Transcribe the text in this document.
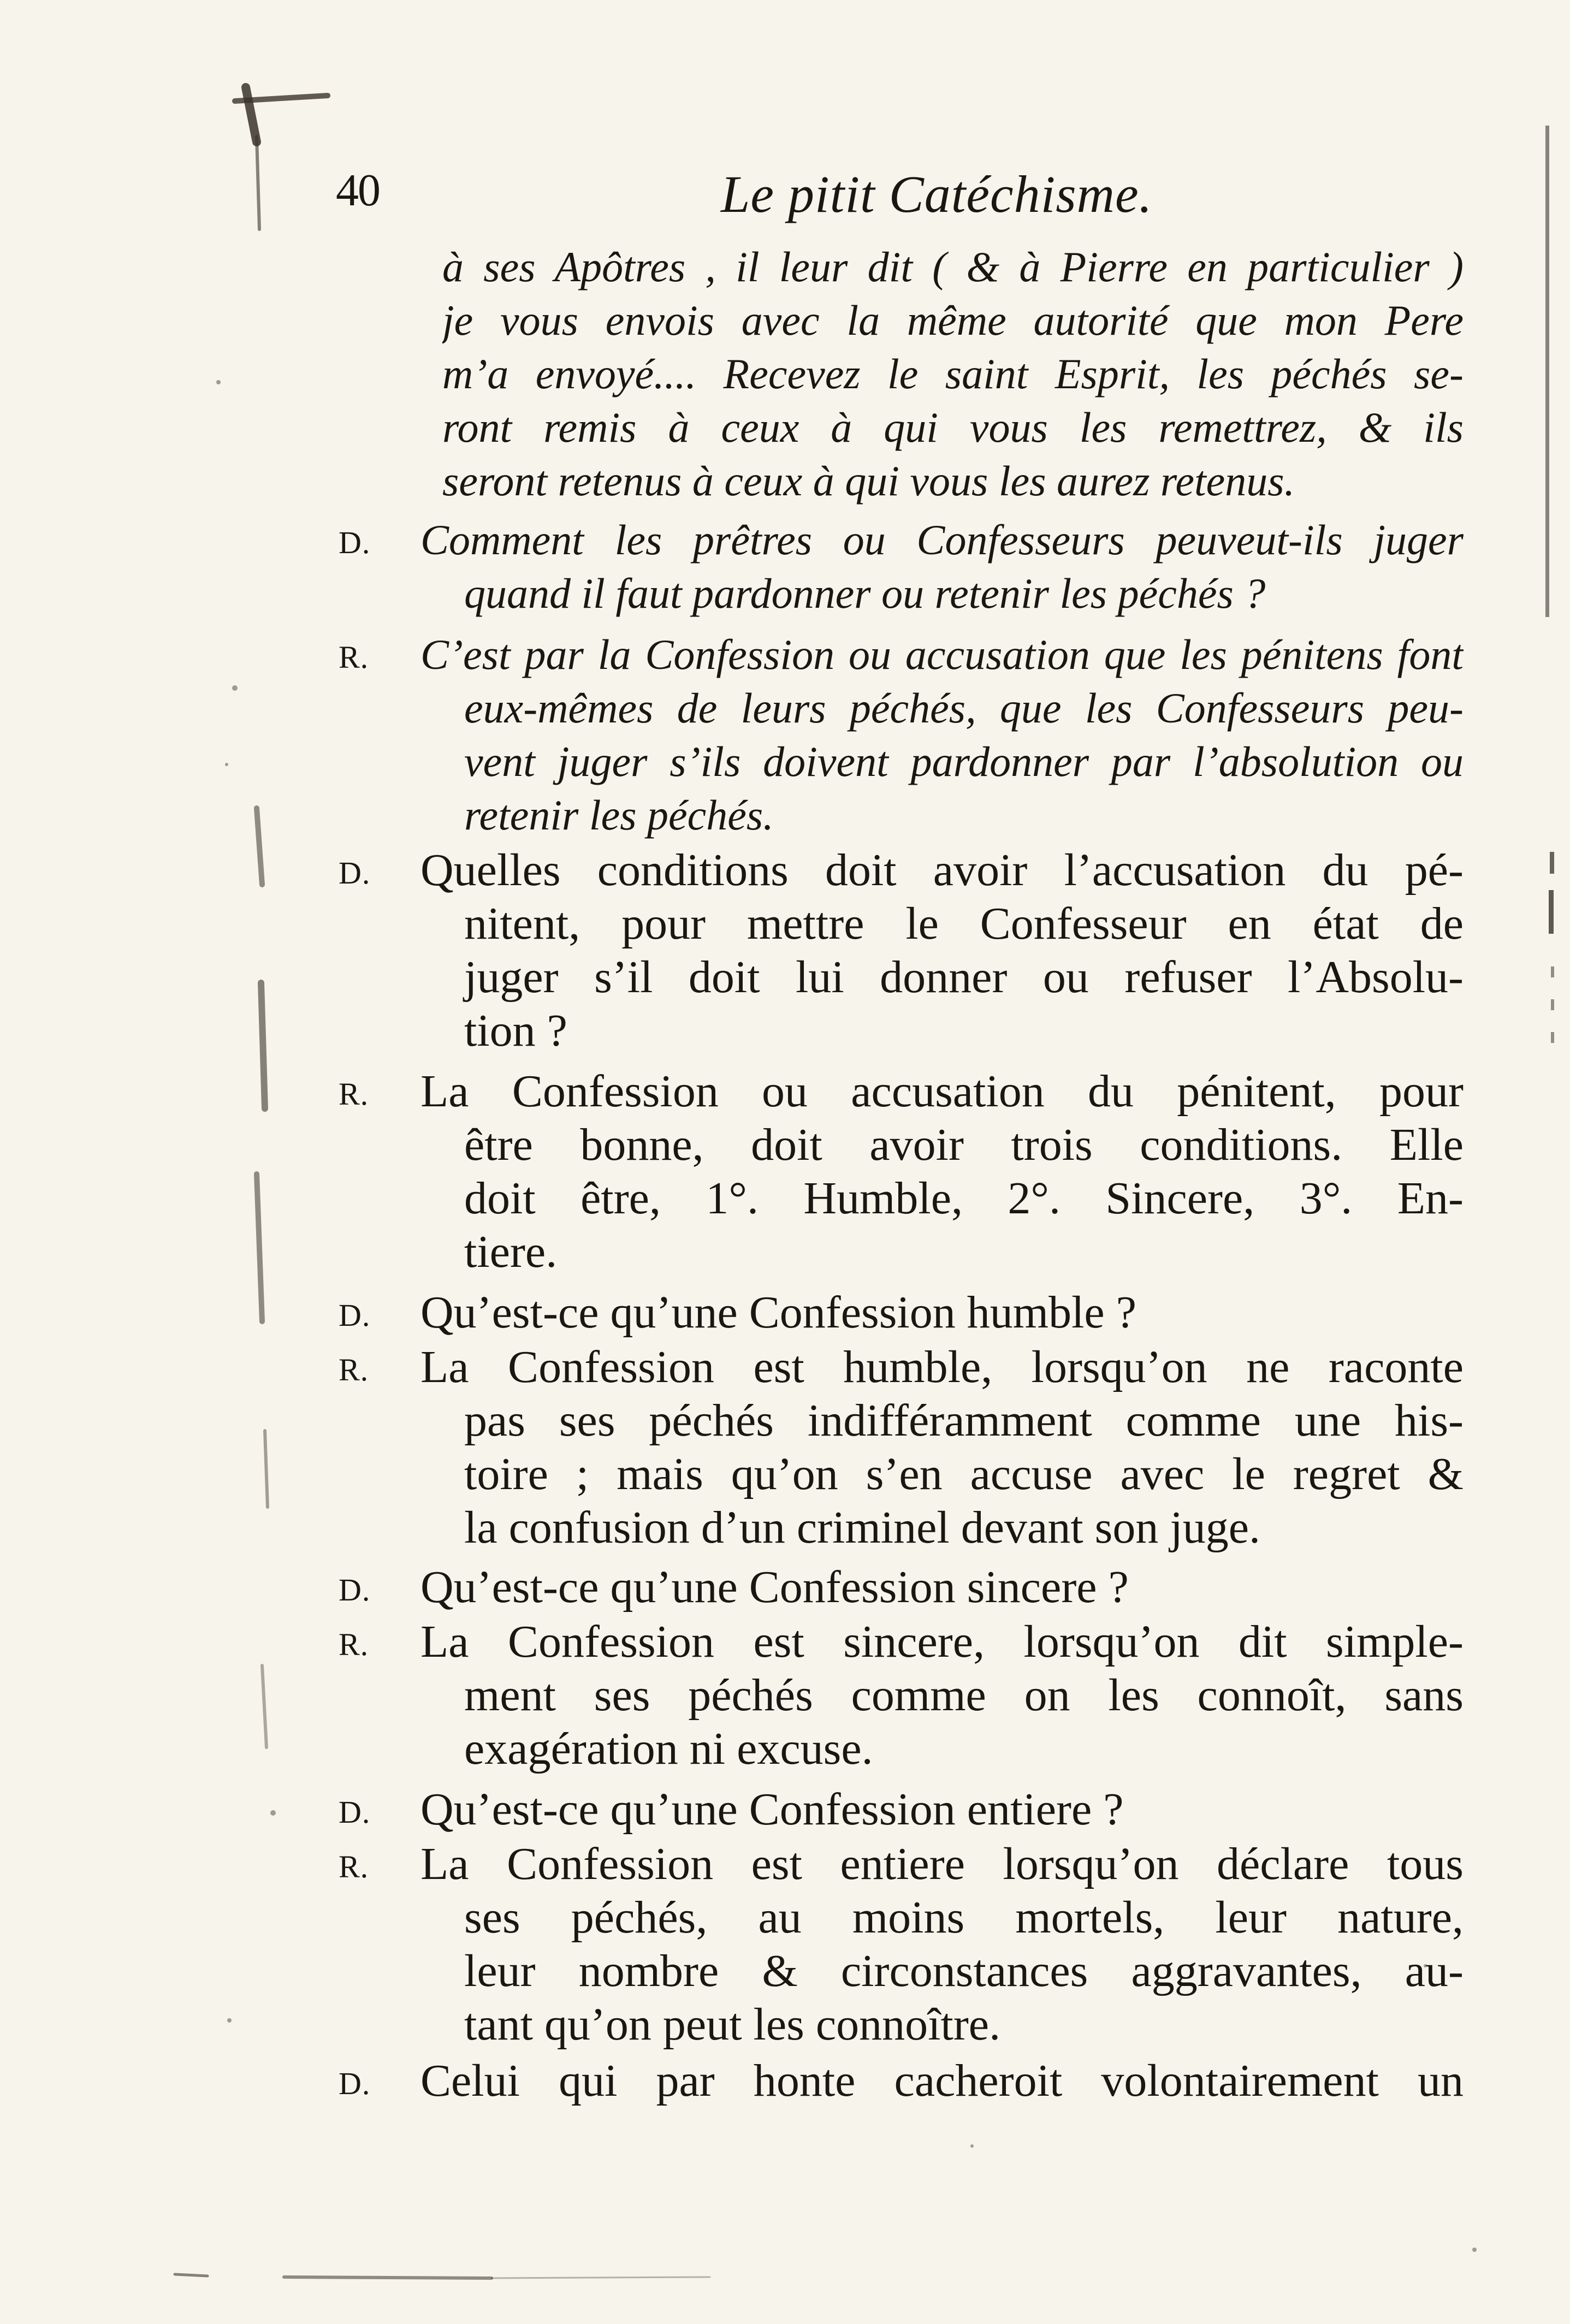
40	Le pitit Catéchisme.
à ses Apôtres , il leur dit ( & à Pierre en particulier )
je vous envois avec la même autorité que mon Pere
m’a envoyé.... Recevez le saint Esprit, les péchés se-
ront remis à ceux à qui vous les remettrez, & ils
seront retenus à ceux à qui vous les aurez retenus.
D.	Comment les prêtres ou Confesseurs peuveut-ils juger
quand il faut pardonner ou retenir les péchés ?
R.	C’est par la Confession ou accusation que les pénitens font
eux-mêmes de leurs péchés, que les Confesseurs peu-
vent juger s’ils doivent pardonner par l’absolution ou
retenir les péchés.
D.	Quelles conditions doit avoir l’accusation du pé-
nitent, pour mettre le Confesseur en état de
juger s’il doit lui donner ou refuser l’Absolu-
tion ?
R.	La Confession ou accusation du pénitent, pour
être bonne, doit avoir trois conditions. Elle
doit être, 1°. Humble, 2°. Sincere, 3°. En-
tiere.
D.	Qu’est-ce qu’une Confession humble ?
R.	La Confession est humble, lorsqu’on ne raconte
pas ses péchés indifféramment comme une his-
toire ; mais qu’on s’en accuse avec le regret &
la confusion d’un criminel devant son juge.
D.	Qu’est-ce qu’une Confession sincere ?
R.	La Confession est sincere, lorsqu’on dit simple-
ment ses péchés comme on les connoît, sans
exagération ni excuse.
D.	Qu’est-ce qu’une Confession entiere ?
R.	La Confession est entiere lorsqu’on déclare tous
ses péchés, au moins mortels, leur nature,
leur nombre & circonstances aggravantes, au-
tant qu’on peut les connoître.
D.	Celui qui par honte cacheroit volontairement un
